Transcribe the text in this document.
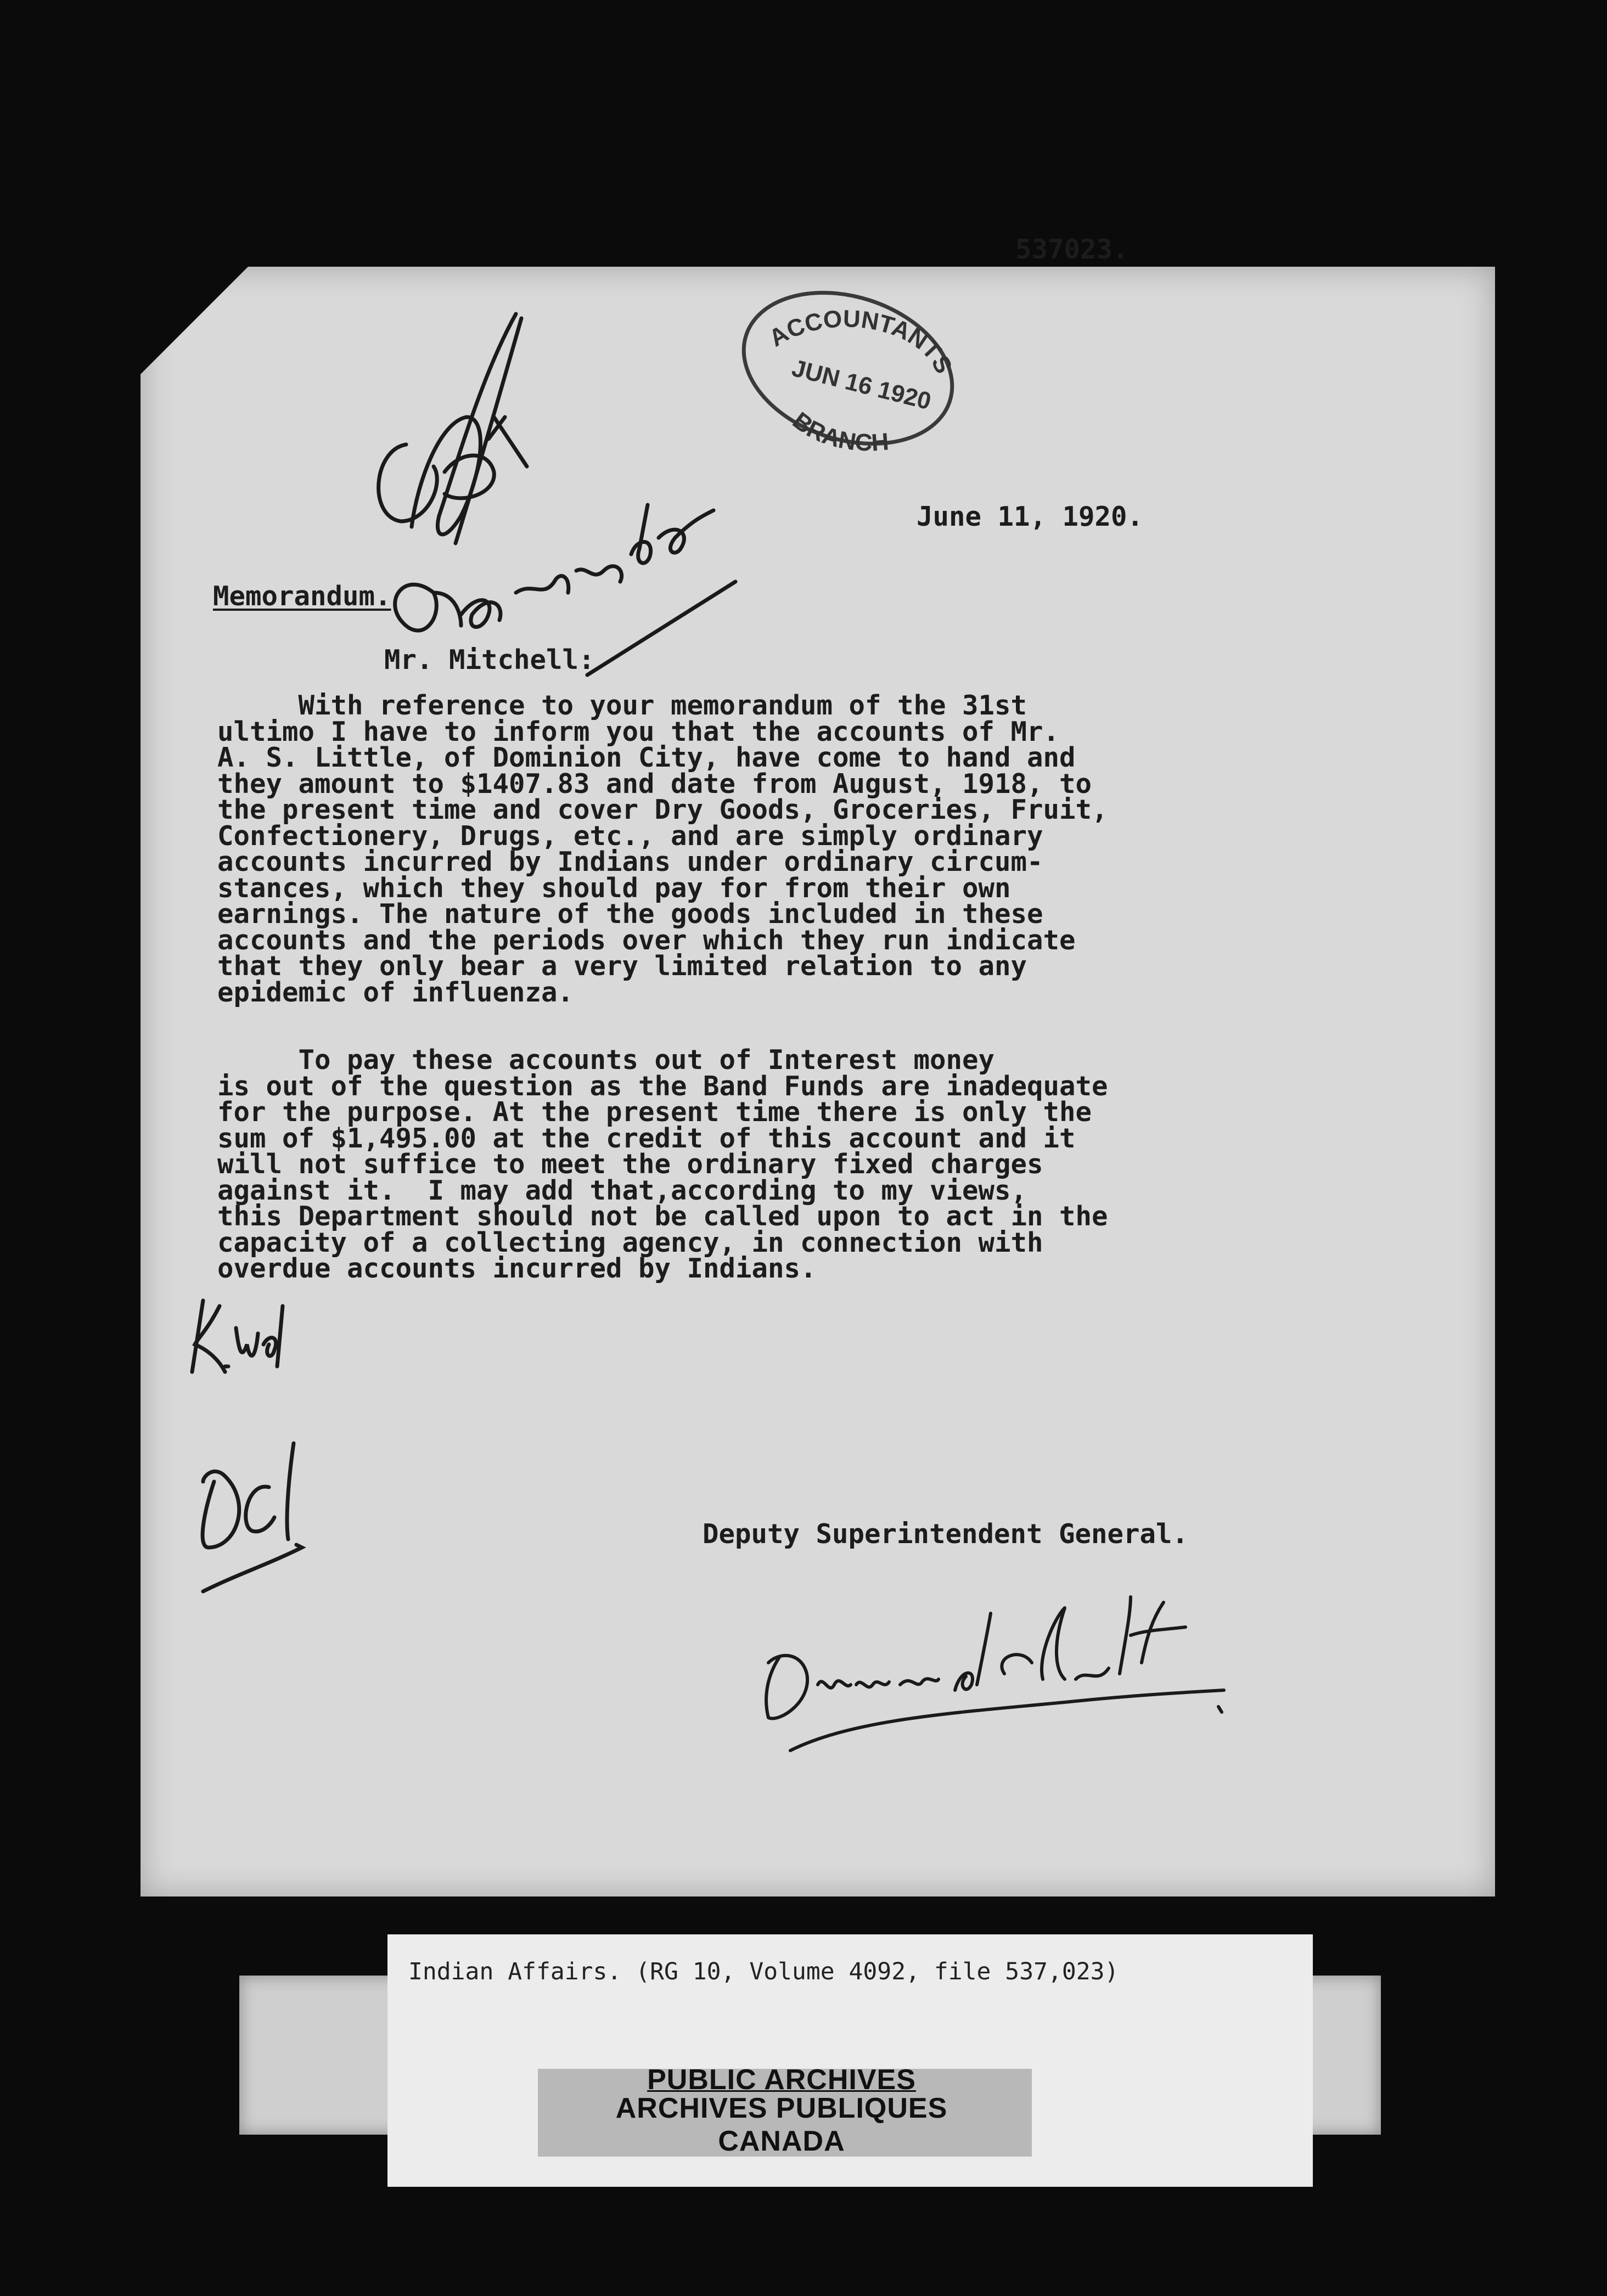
537023.
ACCOUNTANTS
JUN 16 1920
BRANCH
June 11, 1920.
Memorandum.
Mr. Mitchell:
With reference to your memorandum of the 31st
ultimo I have to inform you that the accounts of Mr.
A. S. Little, of Dominion City, have come to hand and
they amount to $1407.83 and date from August, 1918, to
the present time and cover Dry Goods, Groceries, Fruit,
Confectionery, Drugs, etc., and are simply ordinary
accounts incurred by Indians under ordinary circum-
stances, which they should pay for from their own
earnings. The nature of the goods included in these
accounts and the periods over which they run indicate
that they only bear a very limited relation to any
epidemic of influenza.
To pay these accounts out of Interest money
is out of the question as the Band Funds are inadequate
for the purpose. At the present time there is only the
sum of $1,495.00 at the credit of this account and it
will not suffice to meet the ordinary fixed charges
against it.  I may add that,according to my views,
this Department should not be called upon to act in the
capacity of a collecting agency, in connection with
overdue accounts incurred by Indians.
Deputy Superintendent General.
Indian Affairs. (RG 10, Volume 4092, file 537,023)
PUBLIC ARCHIVES
ARCHIVES PUBLIQUES
CANADA
